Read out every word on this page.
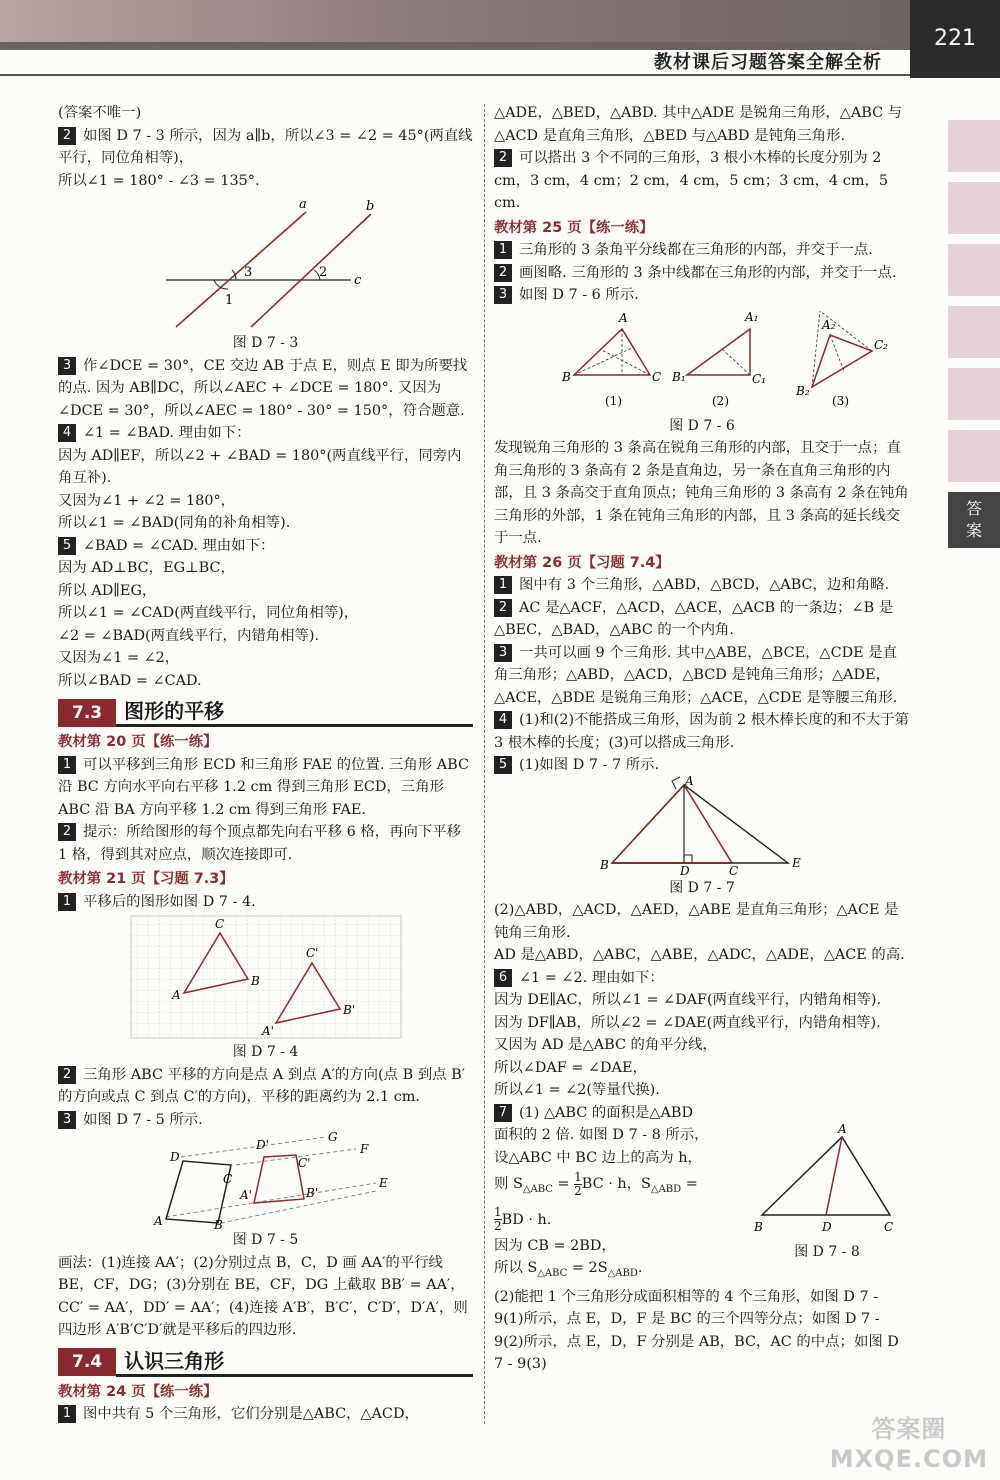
教材课后习题答案全解全析
221
答
案

(答案不唯一)

2 如图 D 7 - 3 所示，因为 a∥b，所以∠3 = ∠2 = 45°(两直线平行，同位角相等)，

所以∠1 = 180° - ∠3 = 135°.

a	b
c
1
2
3

图 D 7 - 3

3 作∠DCE = 30°，CE 交边 AB 于点 E，则点 E 即为所要找的点. 因为 AB∥DC，所以∠AEC + ∠DCE = 180°. 又因为∠DCE = 30°，所以∠AEC = 180° - 30° = 150°，符合题意.

4 ∠1 = ∠BAD. 理由如下：

因为 AD∥EF，所以∠2 + ∠BAD = 180°(两直线平行，同旁内角互补).

又因为∠1 + ∠2 = 180°，

所以∠1 = ∠BAD(同角的补角相等).

5 ∠BAD = ∠CAD. 理由如下：

因为 AD⊥BC，EG⊥BC，

所以 AD∥EG，

所以∠1 = ∠CAD(两直线平行，同位角相等)，

∠2 = ∠BAD(两直线平行，内错角相等).

又因为∠1 = ∠2，

所以∠BAD = ∠CAD.

7.3	图形的平移

教材第 20 页【练一练】

1 可以平移到三角形 ECD 和三角形 FAE 的位置. 三角形 ABC 沿 BC 方向水平向右平移 1.2 cm 得到三角形 ECD，三角形 ABC 沿 BA 方向平移 1.2 cm 得到三角形 FAE.

2 提示：所给图形的每个顶点都先向右平移 6 格，再向下平移 1 格，得到其对应点，顺次连接即可.

教材第 21 页【习题 7.3】

1 平移后的图形如图 D 7 - 4.

A
B
C
A'
B'
C'

图 D 7 - 4

2 三角形 ABC 平移的方向是点 A 到点 A′的方向(点 B 到点 B′的方向或点 C 到点 C′的方向)，平移的距离约为 2.1 cm.

3 如图 D 7 - 5 所示.

A	B
C
D
A'	B'
C'
D'
E
F
G

图 D 7 - 5

画法：(1)连接 AA′；(2)分别过点 B，C，D 画 AA′的平行线 BE，CF，DG；(3)分别在 BE，CF，DG 上截取 BB′ = AA′，CC′ = AA′，DD′ = AA′；(4)连接 A′B′，B′C′，C′D′，D′A′，则四边形 A′B′C′D′就是平移后的四边形.

7.4	认识三角形

教材第 24 页【练一练】

1 图中共有 5 个三角形，它们分别是△ABC，△ACD，

△ADE，△BED，△ABD. 其中△ADE 是锐角三角形，△ABC 与△ACD 是直角三角形，△BED 与△ABD 是钝角三角形.

2 可以搭出 3 个不同的三角形，3 根小木棒的长度分别为 2 cm，3 cm，4 cm；2 cm，4 cm，5 cm；3 cm，4 cm，5 cm.

教材第 25 页【练一练】

1 三角形的 3 条角平分线都在三角形的内部，并交于一点.

2 画图略. 三角形的 3 条中线都在三角形的内部，并交于一点.

3 如图 D 7 - 6 所示.

A
B	C
(1)
A₁
B₁	C₁
(2)
A₂
B₂
C₂
(3)

图 D 7 - 6

发现锐角三角形的 3 条高在锐角三角形的内部，且交于一点；直角三角形的 3 条高有 2 条是直角边，另一条在直角三角形的内部，且 3 条高交于直角顶点；钝角三角形的 3 条高有 2 条在钝角三角形的外部，1 条在钝角三角形的内部，且 3 条高的延长线交于一点.

教材第 26 页【习题 7.4】

1 图中有 3 个三角形，△ABD，△BCD，△ABC，边和角略.

2 AC 是△ACF，△ACD，△ACE，△ACB 的一条边；∠B 是△BEC，△BAD，△ABC 的一个内角.

3 一共可以画 9 个三角形. 其中△ABE，△BCE，△CDE 是直角三角形；△ABD，△ACD，△BCD 是钝角三角形；△ADE，△ACE，△BDE 是锐角三角形；△ACE，△CDE 是等腰三角形.

4 (1)和(2)不能搭成三角形，因为前 2 根木棒长度的和不大于第 3 根木棒的长度；(3)可以搭成三角形.

5 (1)如图 D 7 - 7 所示.

A
B	C
D
E

图 D 7 - 7

(2)△ABD，△ACD，△AED，△ABE 是直角三角形；△ACE 是钝角三角形.

AD 是△ABD，△ABC，△ABE，△ADC，△ADE，△ACE 的高.

6 ∠1 = ∠2. 理由如下：

因为 DE∥AC，所以∠1 = ∠DAF(两直线平行，内错角相等).

因为 DF∥AB，所以∠2 = ∠DAE(两直线平行，内错角相等).

又因为 AD 是△ABC 的角平分线，

所以∠DAF = ∠DAE，

所以∠1 = ∠2(等量代换).

7 (1) △ABC 的面积是△ABD

面积的 2 倍. 如图 D 7 - 8 所示，

设△ABC 中 BC 边上的高为 h，

则 $S_{\triangle ABC} = \frac{1}{2}$ BC · h，$S_{\triangle ABD}$ =

$\frac{1}{2}$ BD · h.

因为 CB = 2BD，

所以 $S_{\triangle ABC} = 2S_{\triangle ABD}$.

A
B	C
D

图 D 7 - 8

(2)能把 1 个三角形分成面积相等的 4 个三角形，如图 D 7 - 9(1)所示，点 E，D，F 是 BC 的三个四等分点；如图 D 7 - 9(2)所示，点 E，D，F 分别是 AB，BC，AC 的中点；如图 D 7 - 9(3)

答案圈
MXQE.COM
